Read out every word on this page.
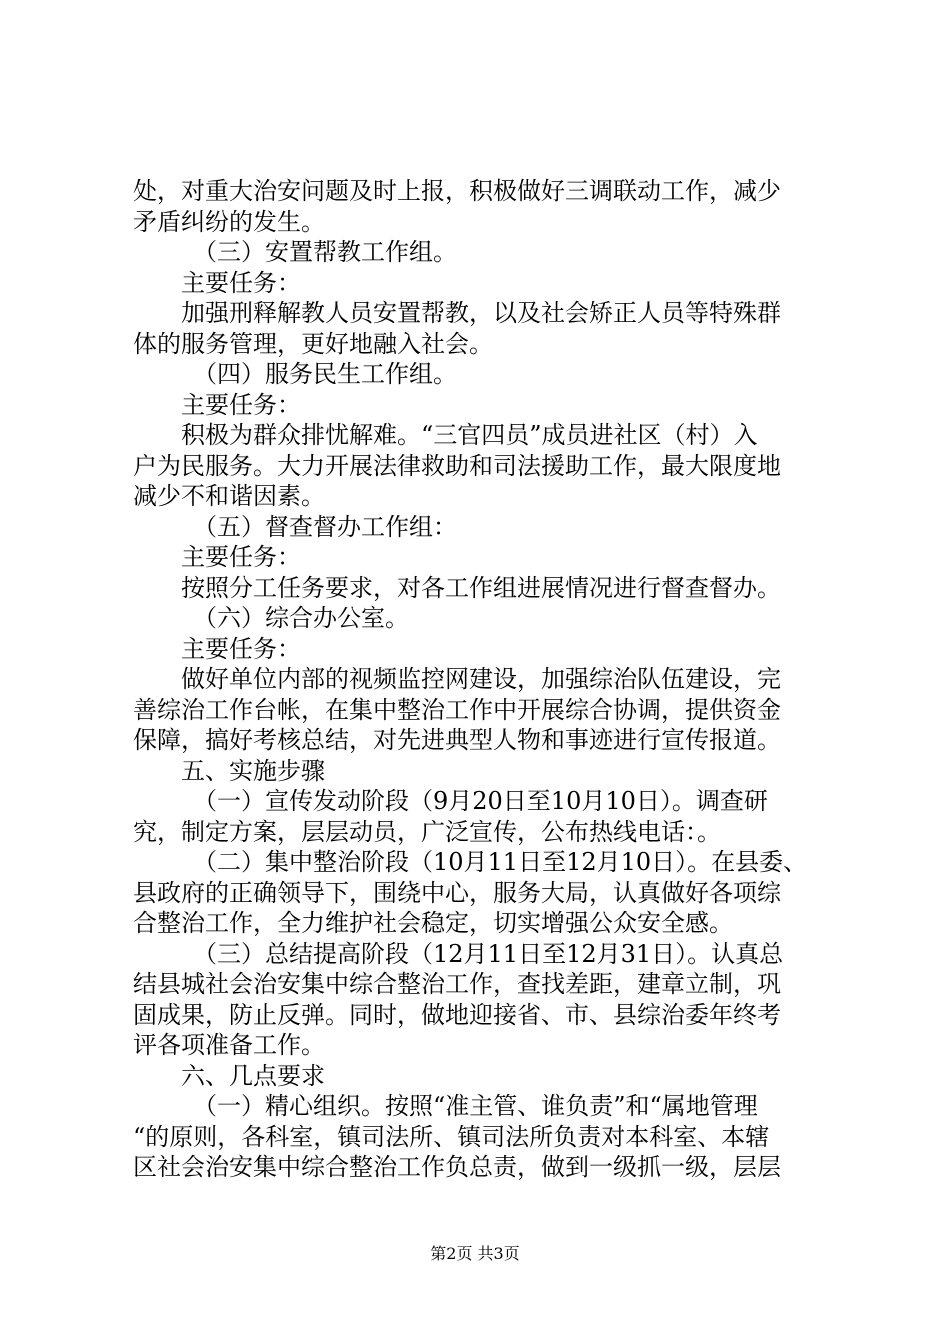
处，对重大治安问题及时上报，积极做好三调联动工作，减少
矛盾纠纷的发生。
（三）安置帮教工作组。
主要任务：
加强刑释解教人员安置帮教，以及社会矫正人员等特殊群
体的服务管理，更好地融入社会。
（四）服务民生工作组。
主要任务：
积极为群众排忧解难。“三官四员”成员进社区（村）入
户为民服务。大力开展法律救助和司法援助工作，最大限度地
减少不和谐因素。
（五）督查督办工作组：
主要任务：
按照分工任务要求，对各工作组进展情况进行督查督办。
（六）综合办公室。
主要任务：
做好单位内部的视频监控网建设，加强综治队伍建设，完
善综治工作台帐，在集中整治工作中开展综合协调，提供资金
保障，搞好考核总结，对先进典型人物和事迹进行宣传报道。
五、实施步骤
（一）宣传发动阶段（9月20日至10月10日）。调查研
究，制定方案，层层动员，广泛宣传，公布热线电话：。
（二）集中整治阶段（10月11日至12月10日）。在县委、
县政府的正确领导下，围绕中心，服务大局，认真做好各项综
合整治工作，全力维护社会稳定，切实增强公众安全感。
（三）总结提高阶段（12月11日至12月31日）。认真总
结县城社会治安集中综合整治工作，查找差距，建章立制，巩
固成果，防止反弹。同时，做地迎接省、市、县综治委年终考
评各项准备工作。
六、几点要求
（一）精心组织。按照“准主管、谁负责”和“属地管理
“的原则，各科室，镇司法所、镇司法所负责对本科室、本辖
区社会治安集中综合整治工作负总责，做到一级抓一级，层层
第2页 共3页
